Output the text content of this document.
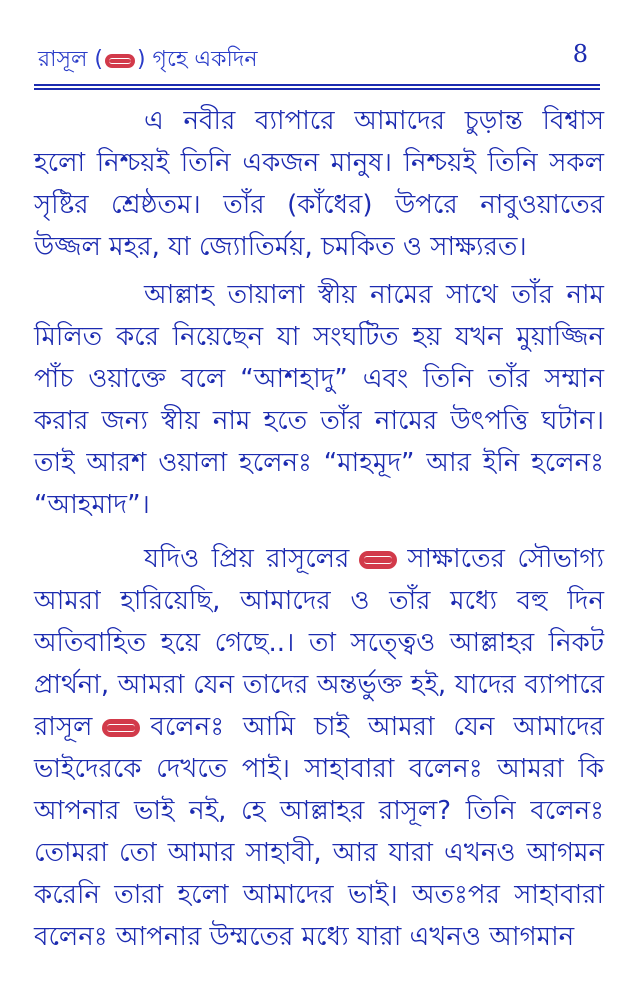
রাসূল ( ) গৃহে একদিন	8

এ নবীর ব্যাপারে আমাদের চুড়ান্ত বিশ্বাস হলো নিশ্চয়ই তিনি একজন মানুষ। নিশ্চয়ই তিনি সকল সৃষ্টির শ্রেষ্ঠতম। তাঁর (কাঁধের) উপরে নাবুওয়াতের উজ্জল মহর, যা জ্যোতির্ময়, চমকিত ও সাক্ষ্যরত।

আল্লাহ তায়ালা স্বীয় নামের সাথে তাঁর নাম মিলিত করে নিয়েছেন যা সংঘটিত হয় যখন মুয়াজ্জিন পাঁচ ওয়াক্তে বলে “আশহাদু” এবং তিনি তাঁর সম্মান করার জন্য স্বীয় নাম হতে তাঁর নামের উৎপত্তি ঘটান। তাই আরশ ওয়ালা হলেনঃ “মাহমূদ” আর ইনি হলেনঃ “আহমাদ”।

যদিও প্রিয় রাসূলের সাক্ষাতের সৌভাগ্য আমরা হারিয়েছি, আমাদের ও তাঁর মধ্যে বহু দিন অতিবাহিত হয়ে গেছে..। তা সত্ত্বেও আল্লাহর নিকট প্রার্থনা, আমরা যেন তাদের অন্তর্ভুক্ত হই, যাদের ব্যাপারে রাসূল বলেনঃ আমি চাই আমরা যেন আমাদের ভাইদেরকে দেখতে পাই। সাহাবারা বলেনঃ আমরা কি আপনার ভাই নই, হে আল্লাহর রাসূল? তিনি বলেনঃ তোমরা তো আমার সাহাবী, আর যারা এখনও আগমন করেনি তারা হলো আমাদের ভাই। অতঃপর সাহাবারা বলেনঃ আপনার উম্মতের মধ্যে যারা এখনও আগমান
